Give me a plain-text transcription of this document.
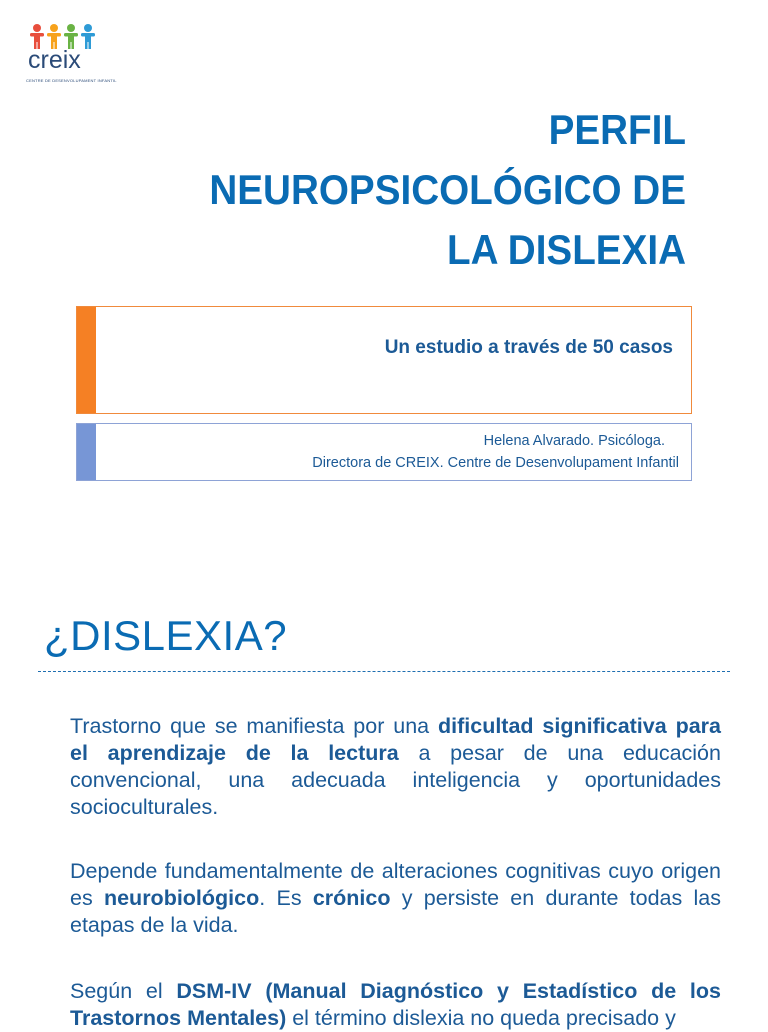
creix
CENTRE DE DESENVOLUPAMENT INFANTIL
PERFIL
NEUROPSICOLÓGICO DE
LA DISLEXIA
Un estudio a través de 50 casos
Helena Alvarado. Psicóloga.
Directora de CREIX. Centre de Desenvolupament Infantil
¿DISLEXIA?
Trastorno que se manifiesta por una dificultad significativa para el aprendizaje de la lectura a pesar de una educación convencional, una adecuada inteligencia y oportunidades socioculturales.
Depende fundamentalmente de alteraciones cognitivas cuyo origen es neurobiológico. Es crónico y persiste en durante todas las etapas de la vida.
Según el DSM-IV (Manual Diagnóstico y Estadístico de los Trastornos Mentales) el término dislexia no queda precisado y
